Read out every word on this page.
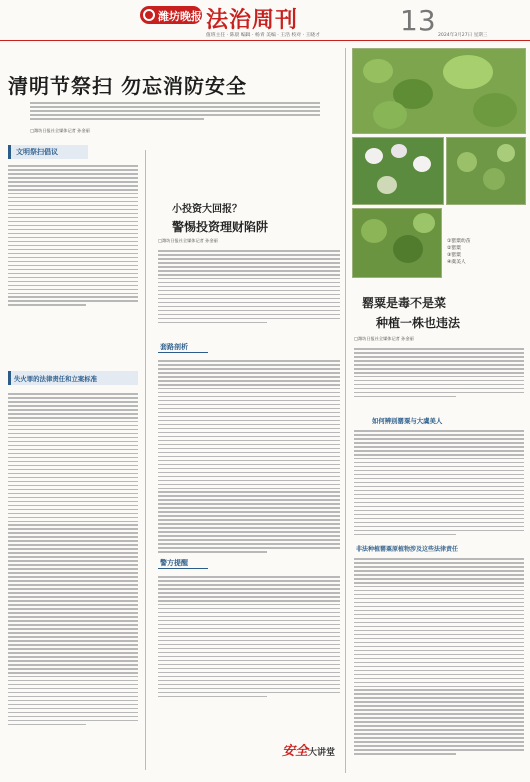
潍坊晚报 法治周刊
值班主任 · 陈晨 编辑 · 杨青 美编 · 王浩 校对 · 王晓才	13 2024年3月27日 星期三
清明节祭扫 勿忘消防安全
□潍坊日报社全媒体记者 孙金丽
文明祭扫倡议
失火罪的法律责任和立案标准
小投资大回报？
警惕投资理财陷阱
□潍坊日报社全媒体记者 孙金丽
套路剖析
警方提醒
安全大讲堂
①罂粟幼苗
②罂粟
③罂粟
④虞美人
罂粟是毒不是菜
种植一株也违法
□潍坊日报社全媒体记者 孙金丽
如何辨别罂粟与大虞美人
非法种植罂粟原植物涉及这些法律责任
